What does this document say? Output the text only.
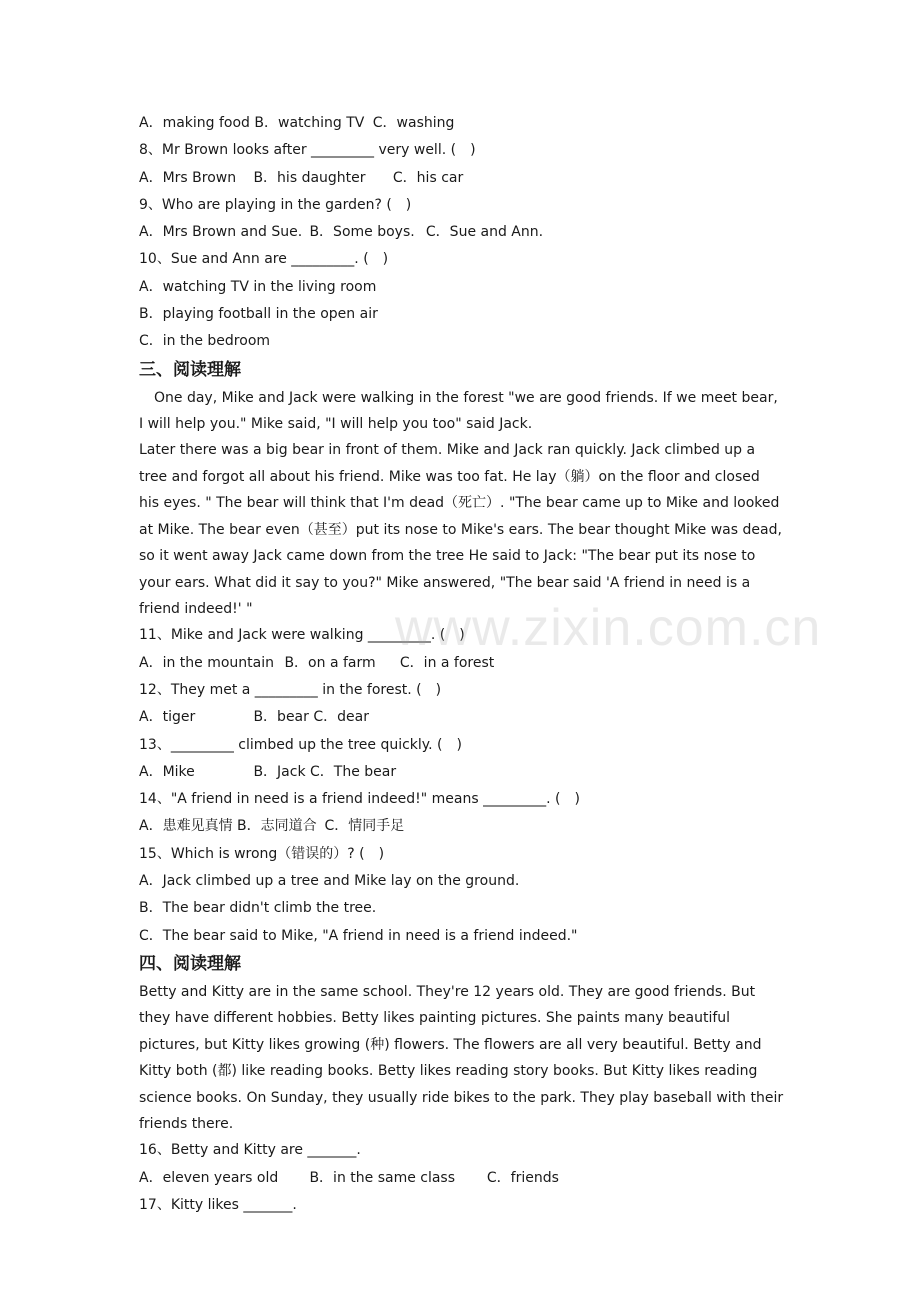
A．making food B．watching TV C．washing
8、Mr Brown looks after _________ very well. (　)
A．Mrs Brown B．his daughter C．his car
9、Who are playing in the garden? (　)
A．Mrs Brown and Sue. B．Some boys. C．Sue and Ann.
10、Sue and Ann are _________. (　)
A．watching TV in the living room
B．playing football in the open air
C．in the bedroom
三、阅读理解
One day, Mike and Jack were walking in the forest "we are good friends. If we meet bear, I will help you." Mike said, "I will help you too" said Jack.
Later there was a big bear in front of them. Mike and Jack ran quickly. Jack climbed up a tree and forgot all about his friend. Mike was too fat. He lay（躺）on the floor and closed his eyes. " The bear will think that I'm dead（死亡）. "The bear came up to Mike and looked at Mike. The bear even（甚至）put its nose to Mike's ears. The bear thought Mike was dead, so it went away Jack came down from the tree He said to Jack: "The bear put its nose to your ears. What did it say to you?" Mike answered, "The bear said 'A friend in need is a friend indeed!' "
11、Mike and Jack were walking _________. (　)
A．in the mountain B．on a farm C．in a forest
12、They met a _________ in the forest. (　)
A．tiger	B．bear C．dear
13、_________ climbed up the tree quickly. (　)
A．Mike	B．Jack C．The bear
14、"A friend in need is a friend indeed!" means _________. (　)
A．患难见真情 B．志同道合 C．情同手足
15、Which is wrong（错误的）? (　)
A．Jack climbed up a tree and Mike lay on the ground.
B．The bear didn't climb the tree.
C．The bear said to Mike, "A friend in need is a friend indeed."
四、阅读理解
Betty and Kitty are in the same school. They're 12 years old. They are good friends. But they have different hobbies. Betty likes painting pictures. She paints many beautiful pictures, but Kitty likes growing (种) flowers. The flowers are all very beautiful. Betty and Kitty both (都) like reading books. Betty likes reading story books. But Kitty likes reading science books. On Sunday, they usually ride bikes to the park. They play baseball with their friends there.
16、Betty and Kitty are _______.
A．eleven years old B．in the same class C．friends
17、Kitty likes _______.
www.zixin.com.cn
